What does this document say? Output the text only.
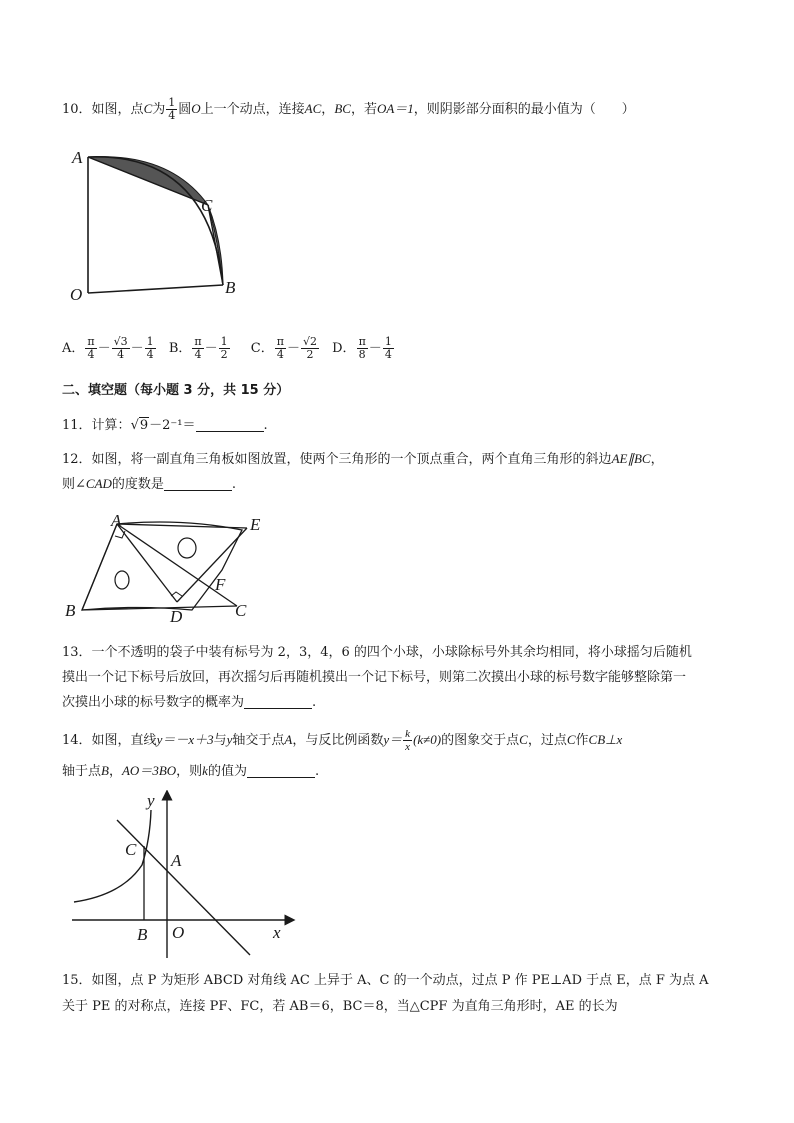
10．如图，点C为 $\frac{1}{4}$ 圆O上一个动点，连接AC，BC，若OA＝1，则阴影部分面积的最小值为（　　）
A
C
O	B
A． $\frac{\pi}{4} - \frac{√3}{4} - \frac{1}{4}$ B． $\frac{\pi}{4} - \frac{1}{2}$ C． $\frac{\pi}{4} - \frac{√2}{2}$ D． $\frac{\pi}{8} - \frac{1}{4}$
二、填空题（每小题 3 分，共 15 分）
11．计算：√9－2⁻¹＝	.
12．如图，将一副直角三角板如图放置，使两个三角形的一个顶点重合，两个直角三角形的斜边AE∥BC，
则∠CAD的度数是	.
A	E
B	D
F
C
13．一个不透明的袋子中装有标号为 2，3，4，6 的四个小球，小球除标号外其余均相同，将小球摇匀后随机
摸出一个记下标号后放回，再次摇匀后再随机摸出一个记下标号，则第二次摸出小球的标号数字能够整除第一
次摸出小球的标号数字的概率为	.
14．如图，直线y＝－x＋3与y轴交于点A，与反比例函数$y= \frac{k}{x} (k\ne 0)$的图象交于点C，过点C作CB⊥x
轴于点B，AO＝3BO，则k的值为	.
y
C
A
B O	x
15．如图，点 P 为矩形 ABCD 对角线 AC 上异于 A、C 的一个动点，过点 P 作 PE⊥AD 于点 E，点 F 为点 A
关于 PE 的对称点，连接 PF、FC，若 AB＝6，BC＝8，当△CPF 为直角三角形时，AE 的长为
